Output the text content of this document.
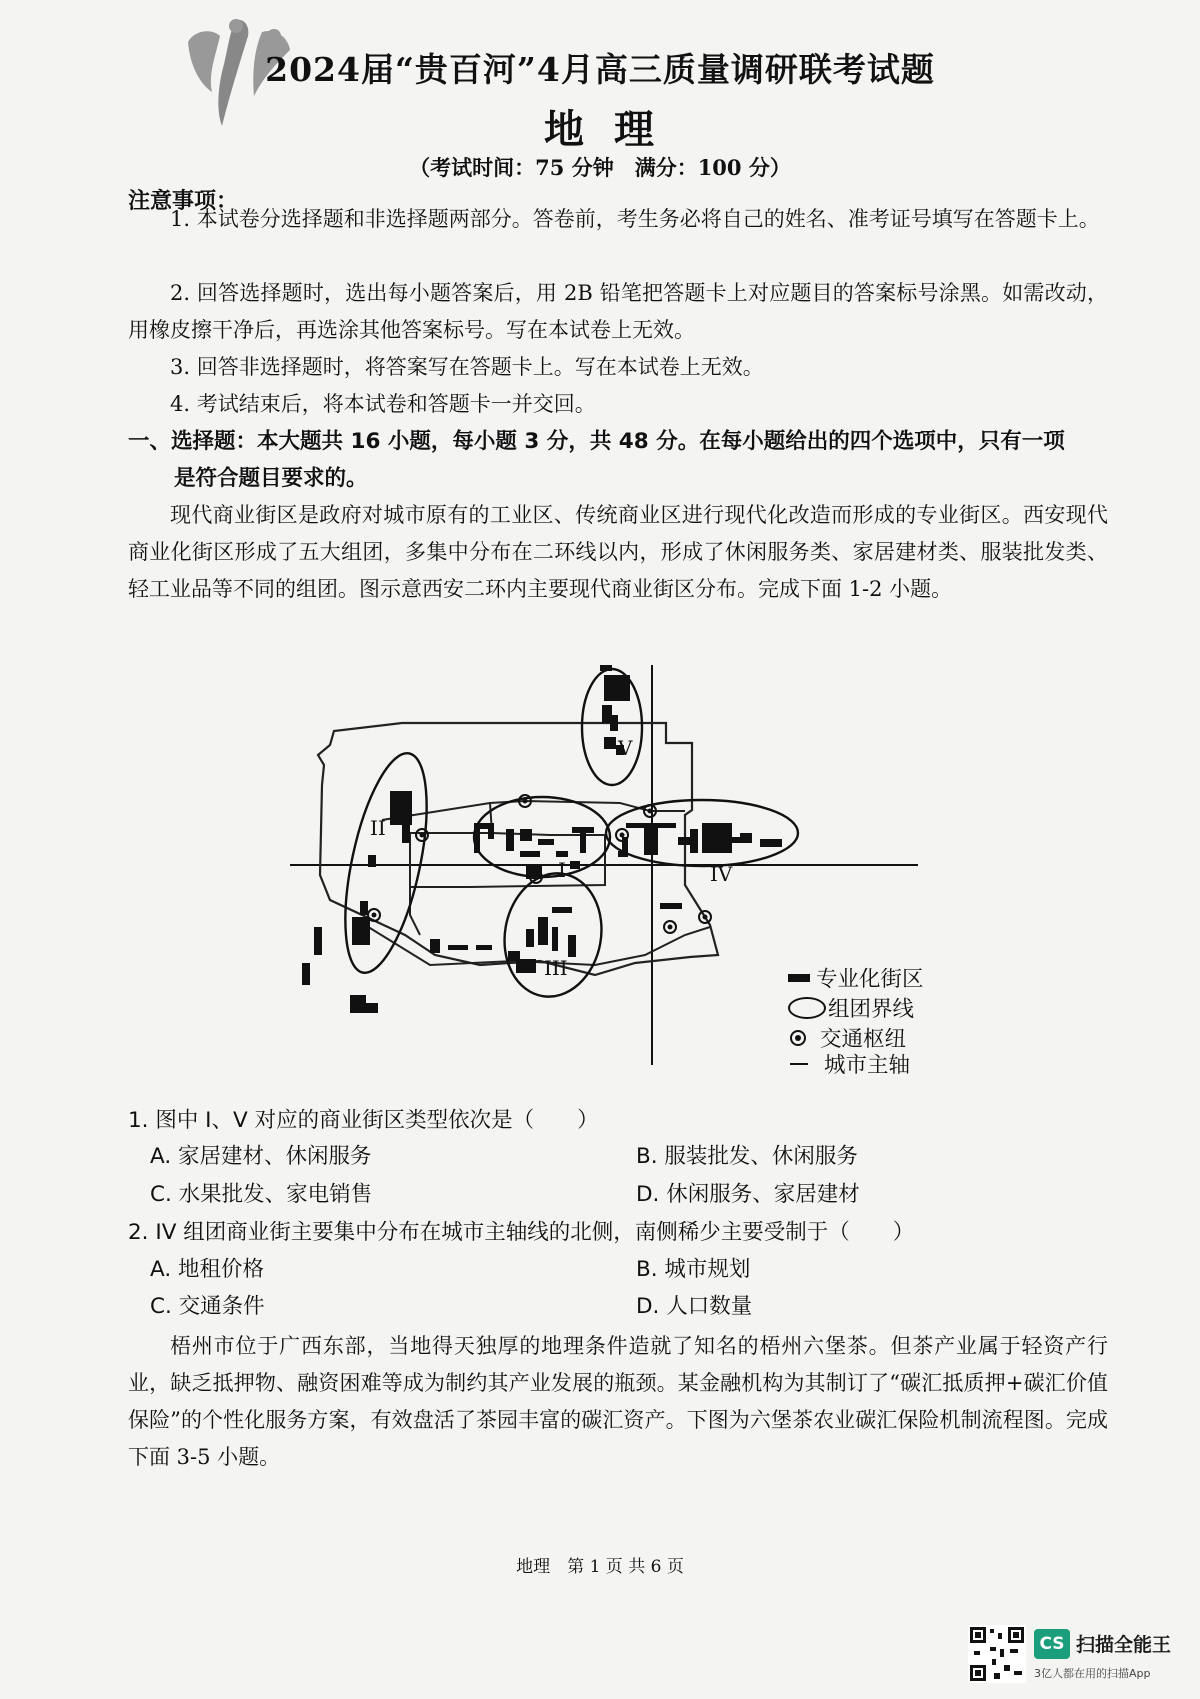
2024届“贵百河”4月高三质量调研联考试题
地理
（考试时间：75 分钟　满分：100 分）
注意事项：

1. 本试卷分选择题和非选择题两部分。答卷前，考生务必将自己的姓名、准考证号填写在答题卡上。

2. 回答选择题时，选出每小题答案后，用 2B 铅笔把答题卡上对应题目的答案标号涂黑。如需改动，用橡皮擦干净后，再选涂其他答案标号。写在本试卷上无效。

3. 回答非选择题时，将答案写在答题卡上。写在本试卷上无效。

4. 考试结束后，将本试卷和答题卡一并交回。

一、选择题：本大题共 16 小题，每小题 3 分，共 48 分。在每小题给出的四个选项中，只有一项
是符合题目要求的。

现代商业街区是政府对城市原有的工业区、传统商业区进行现代化改造而形成的专业街区。西安现代商业化街区形成了五大组团，多集中分布在二环线以内，形成了休闲服务类、家居建材类、服装批发类、轻工业品等不同的组团。图示意西安二环内主要现代商业街区分布。完成下面 1-2 小题。

V
IV
II
I
III	专业化街区
组团界线
交通枢纽
城市主轴
1. 图中 I、V 对应的商业街区类型依次是（　　）
A. 家居建材、休闲服务	B. 服装批发、休闲服务
C. 水果批发、家电销售	D. 休闲服务、家居建材
2. IV 组团商业街主要集中分布在城市主轴线的北侧，南侧稀少主要受制于（　　）
A. 地租价格	B. 城市规划
C. 交通条件	D. 人口数量

梧州市位于广西东部，当地得天独厚的地理条件造就了知名的梧州六堡茶。但茶产业属于轻资产行业，缺乏抵押物、融资困难等成为制约其产业发展的瓶颈。某金融机构为其制订了“碳汇抵质押+碳汇价值保险”的个性化服务方案，有效盘活了茶园丰富的碳汇资产。下图为六堡茶农业碳汇保险机制流程图。完成下面 3-5 小题。

地理　第 1 页 共 6 页
CS 扫描全能王
3亿人都在用的扫描App
